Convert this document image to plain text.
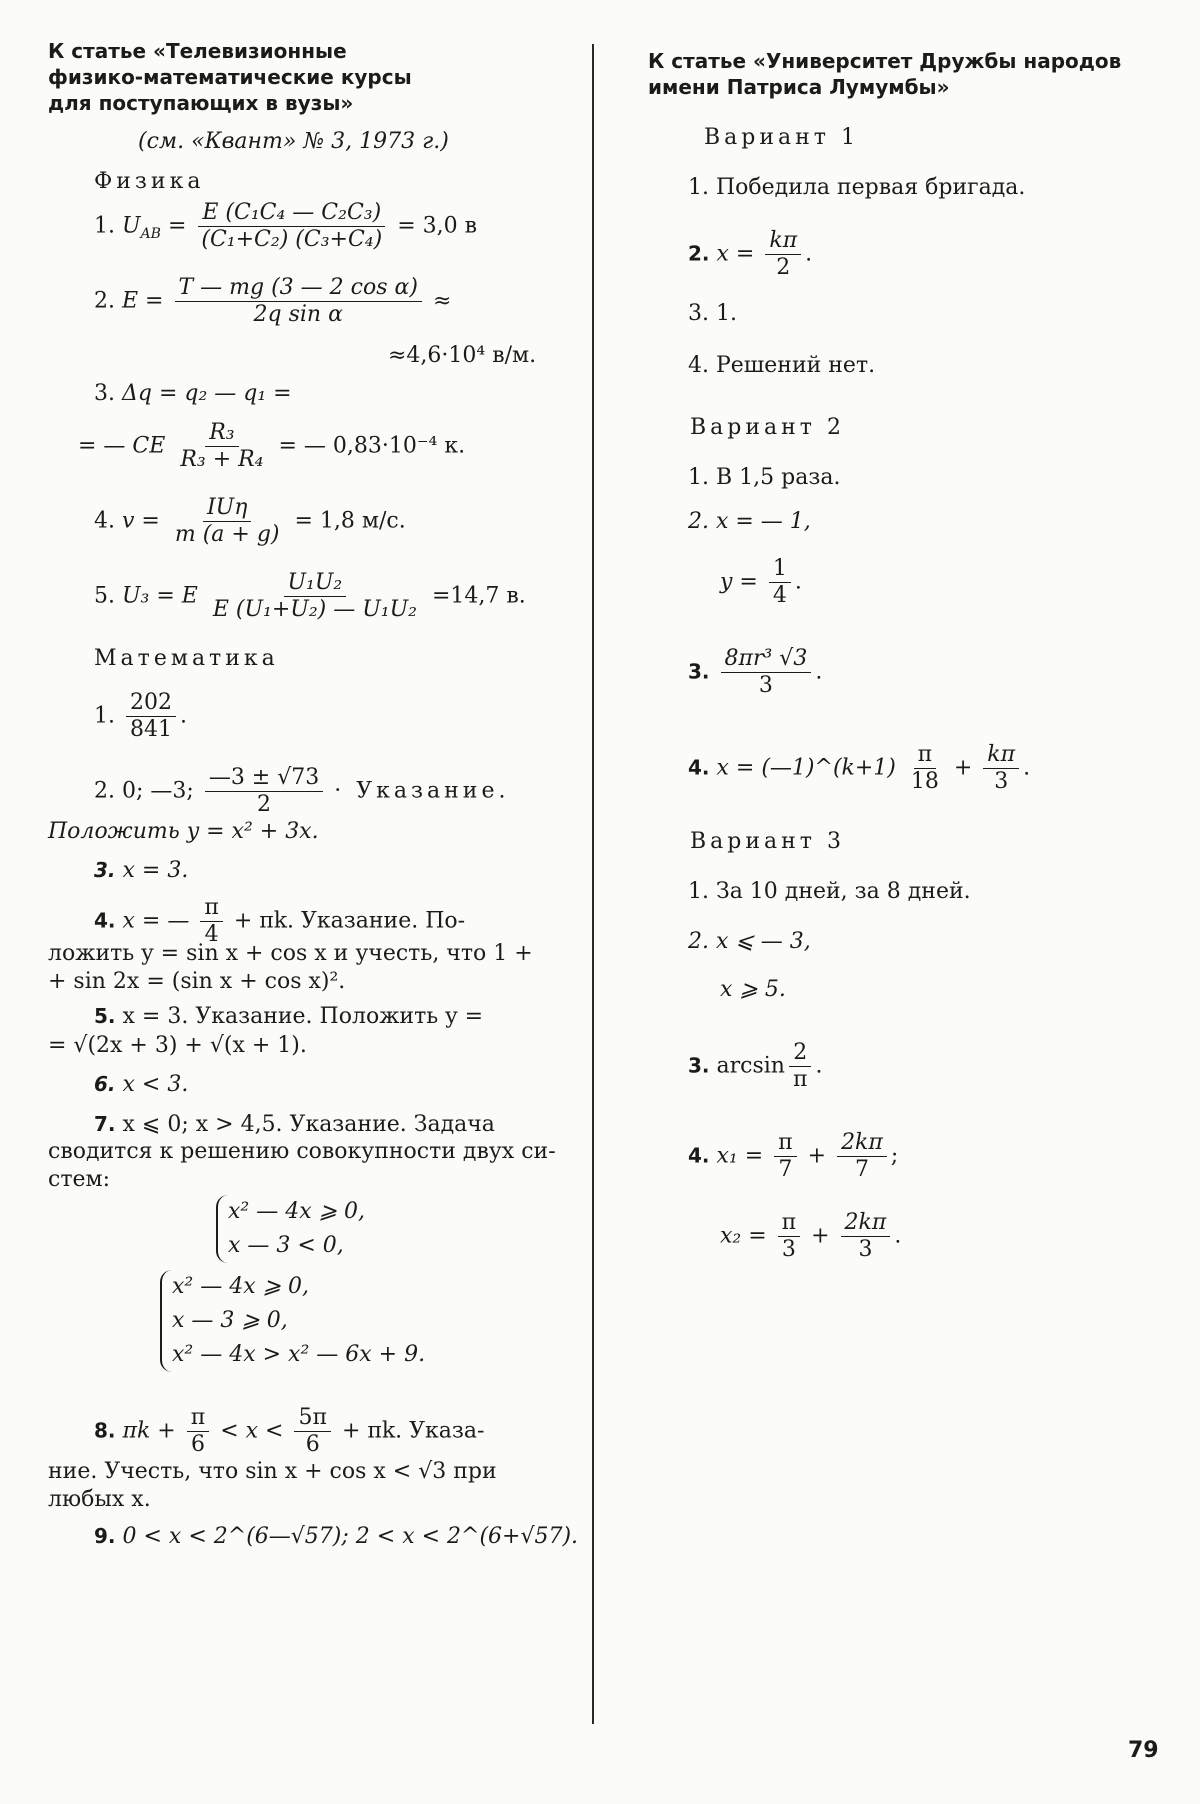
К статье «Телевизионные
физико-математические курсы
для поступающих в вузы»
(см. «Квант» № 3, 1973 г.)
Физика
1. $U_{AB} = \frac{\text{E (C₁C₄ — C₂C₃)}}{\text{(C₁+C₂) (C₃+C₄)}} = 3,0$ в
2. $E = \frac{\text{T — mg (3 — 2 cos α)}}{\text{2q sin α}}$ ≈
≈4,6·10⁴ в/м.
3. Δq = q₂ — q₁ =
= — CE $\frac{\text{R₃}}{\text{R₃ + R₄}}$ = — 0,83·10⁻⁴ к.
4. $v = \frac{\text{IUη}}{m (a + g)} = 1,8$ м/с.
5. U₃ = E $\frac{\text{U₁U₂}}{\text{E (U₁+U₂) — U₁U₂}} =14,7$ в.
Математика
1. $\frac{202}{841}$ .
2. 0; —3; $\frac{—3 \pm √73}{2}$ · Указание.
Положить y = x² + 3x.
3. x = 3.
4. x = — $\frac{\pi}{4} + \pi k$. Указание. По-
ложить y = sin x + cos x и учесть, что 1 +
+ sin 2x = (sin x + cos x)².
5. x = 3. Указание. Положить y =
= √(2x + 3) + √(x + 1).
6. x < 3.
7. x ⩽ 0; x > 4,5. Указание. Задача
сводится к решению совокупности двух си-
стем:
x² — 4x ⩾ 0,
x — 3 < 0,
x² — 4x ⩾ 0,
x — 3 ⩾ 0,
x² — 4x > x² — 6x + 9.
8. $\pi k + \frac{\pi}{6} < x < \frac{5\pi}{6} + \pi k$. Указа-
ние. Учесть, что sin x + cos x < √3 при
любых x.
9. 0 < x < 2^(6—√57); 2 < x < 2^(6+√57).
К статье «Университет Дружбы народов
имени Патриса Лумумбы»
Вариант 1
1. Победила первая бригада.
2. $x = \frac{k\pi}{2}$ .
3. 1.
4. Решений нет.
Вариант 2
1. В 1,5 раза.
2. x = — 1,
$y = \frac{1}{4}$ .
3. $\frac{\text{8πr³ √3}}{3}$ .
4. x = (—1)^(k+1) $\frac{\pi}{18} + \frac{k\pi}{3}$ .
Вариант 3
1. За 10 дней, за 8 дней.
2. x ⩽ — 3,
x ⩾ 5.
3. $\arcsin \frac{2}{\pi}$ .
4. $x_1 = \frac{\pi}{7} + \frac{2k\pi}{7}$ ;
$x_2 = \frac{\pi}{3} + \frac{2k\pi}{3}$ .
79
